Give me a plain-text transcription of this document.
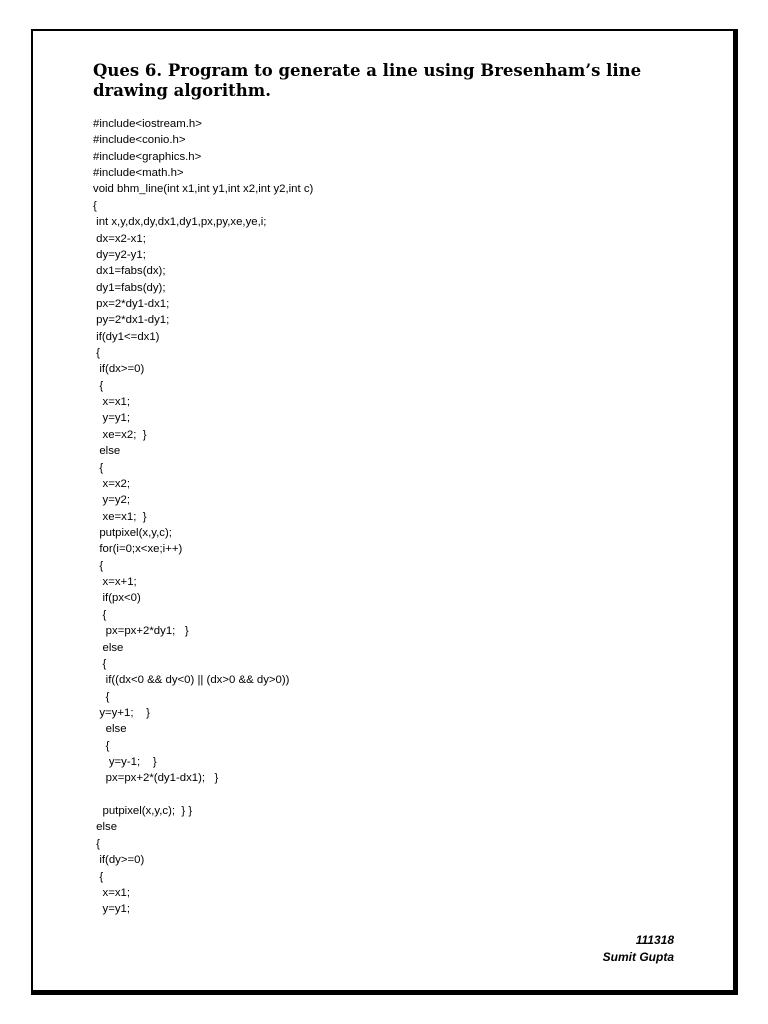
Ques 6. Program to generate a line using Bresenham’s line drawing algorithm.
#include<iostream.h>
#include<conio.h>
#include<graphics.h>
#include<math.h>
void bhm_line(int x1,int y1,int x2,int y2,int c)
{
int x,y,dx,dy,dx1,dy1,px,py,xe,ye,i;
dx=x2-x1;
dy=y2-y1;
dx1=fabs(dx);
dy1=fabs(dy);
px=2*dy1-dx1;
py=2*dx1-dy1;
if(dy1<=dx1)
{
if(dx>=0)
{
x=x1;
y=y1;
xe=x2;  }
else
{
x=x2;
y=y2;
xe=x1;  }
putpixel(x,y,c);
for(i=0;x<xe;i++)
{
x=x+1;
if(px<0)
{
px=px+2*dy1;   }
else
{
if((dx<0 && dy<0) || (dx>0 && dy>0))
{
y=y+1;    }
else
{
y=y-1;    }
px=px+2*(dy1-dx1);   }
putpixel(x,y,c);  } }
else
{
if(dy>=0)
{
x=x1;
y=y1;
111318
Sumit Gupta
